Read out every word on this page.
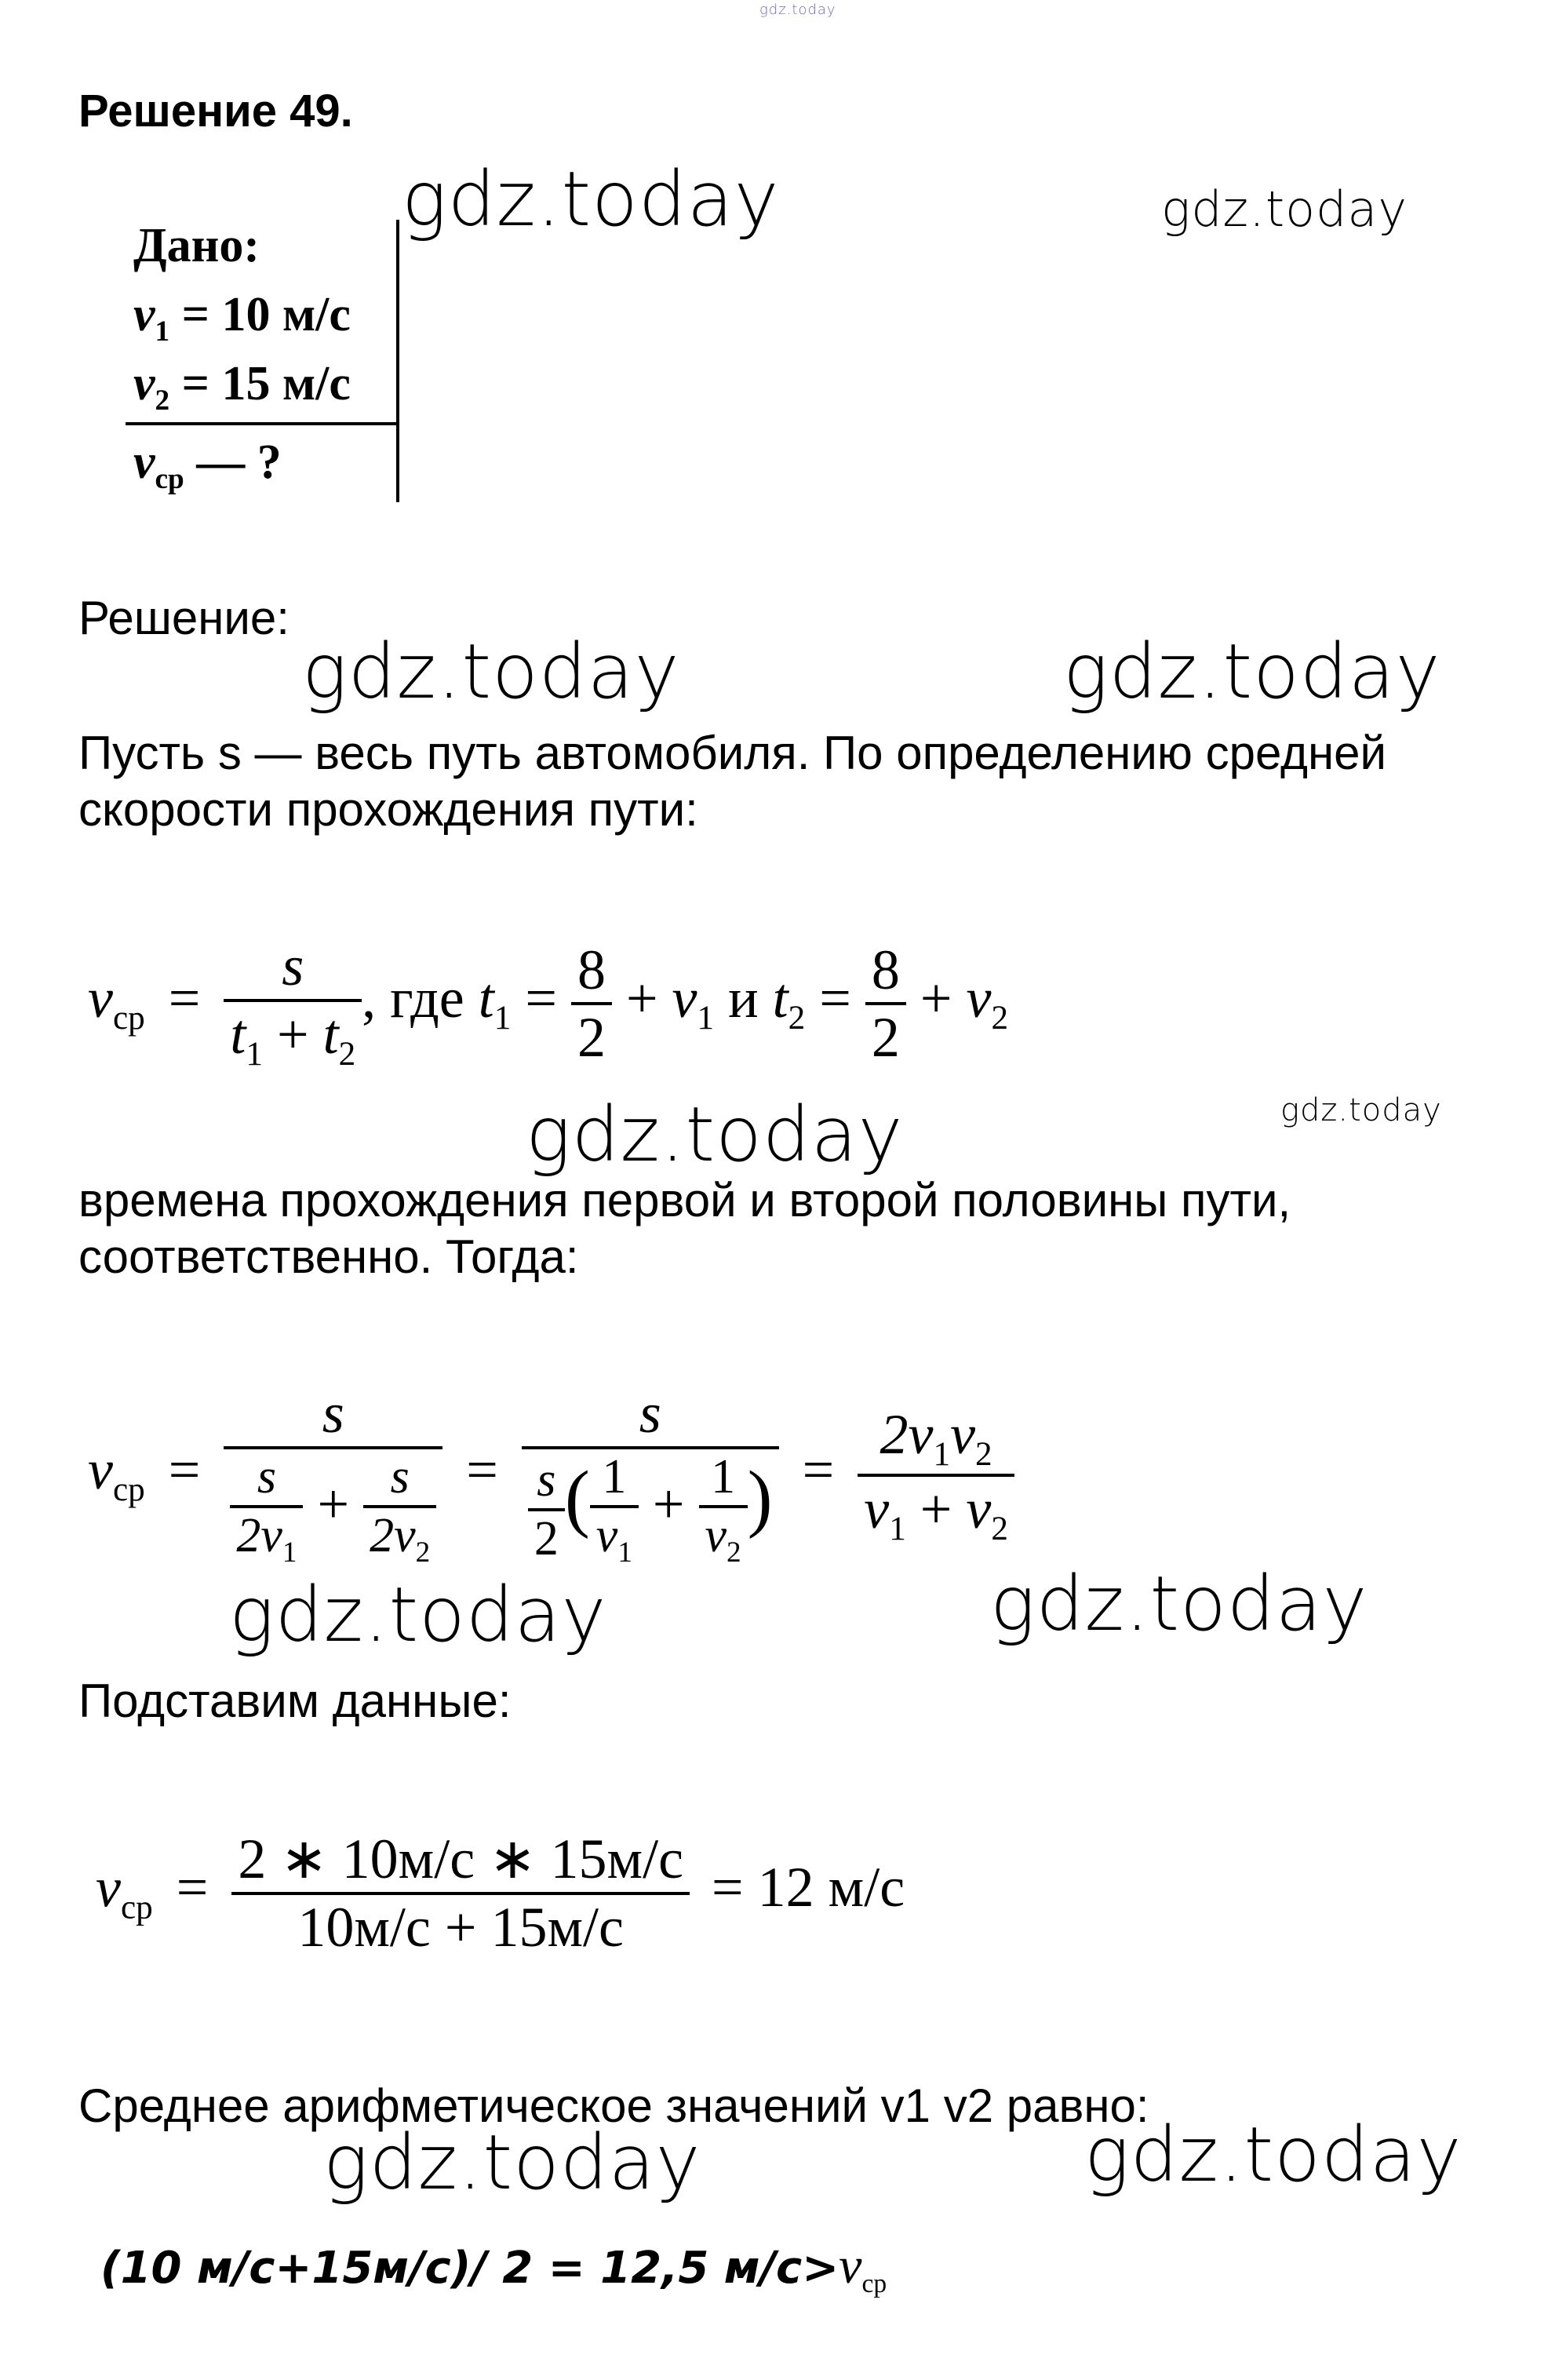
gdz.today
Решение 49.
gdz.today	gdz.today
Дано:
$v_1 = 10$ м/с
$v_2 = 15$ м/с
$v_{ср}$ — ?
Решение:
gdz.today	gdz.today
Пусть s — весь путь автомобиля. По определению средней скорости прохождения пути:
$v_{ср} = \frac{s}{t_1 + t_2}$ , где $t_1 = \frac{8}{2} + v_1$ и $t_2 = \frac{8}{2} + v_2$
gdz.today	gdz.today
времена прохождения первой и второй половины пути, соответственно. Тогда:
$v_{ср} = \frac{s}{\frac{s}{2v_1} + \frac{s}{2v_2}} = \frac{s}{\frac{s}{2} ( \frac{1}{v_1} + \frac{1}{v_2} )} = \frac{2v_1v_2}{v_1 + v_2}$
gdz.today	gdz.today
Подставим данные:
$v_{ср} = \frac{2 ∗ 10м/с ∗ 15м/с}{10м/с + 15м/с} = 12$ м/с
Среднее арифметическое значений v1 v2 равно:
gdz.today	gdz.today
(10 м/с+15м/с)/ 2 = 12,5 $м/с>v_{ср}$
